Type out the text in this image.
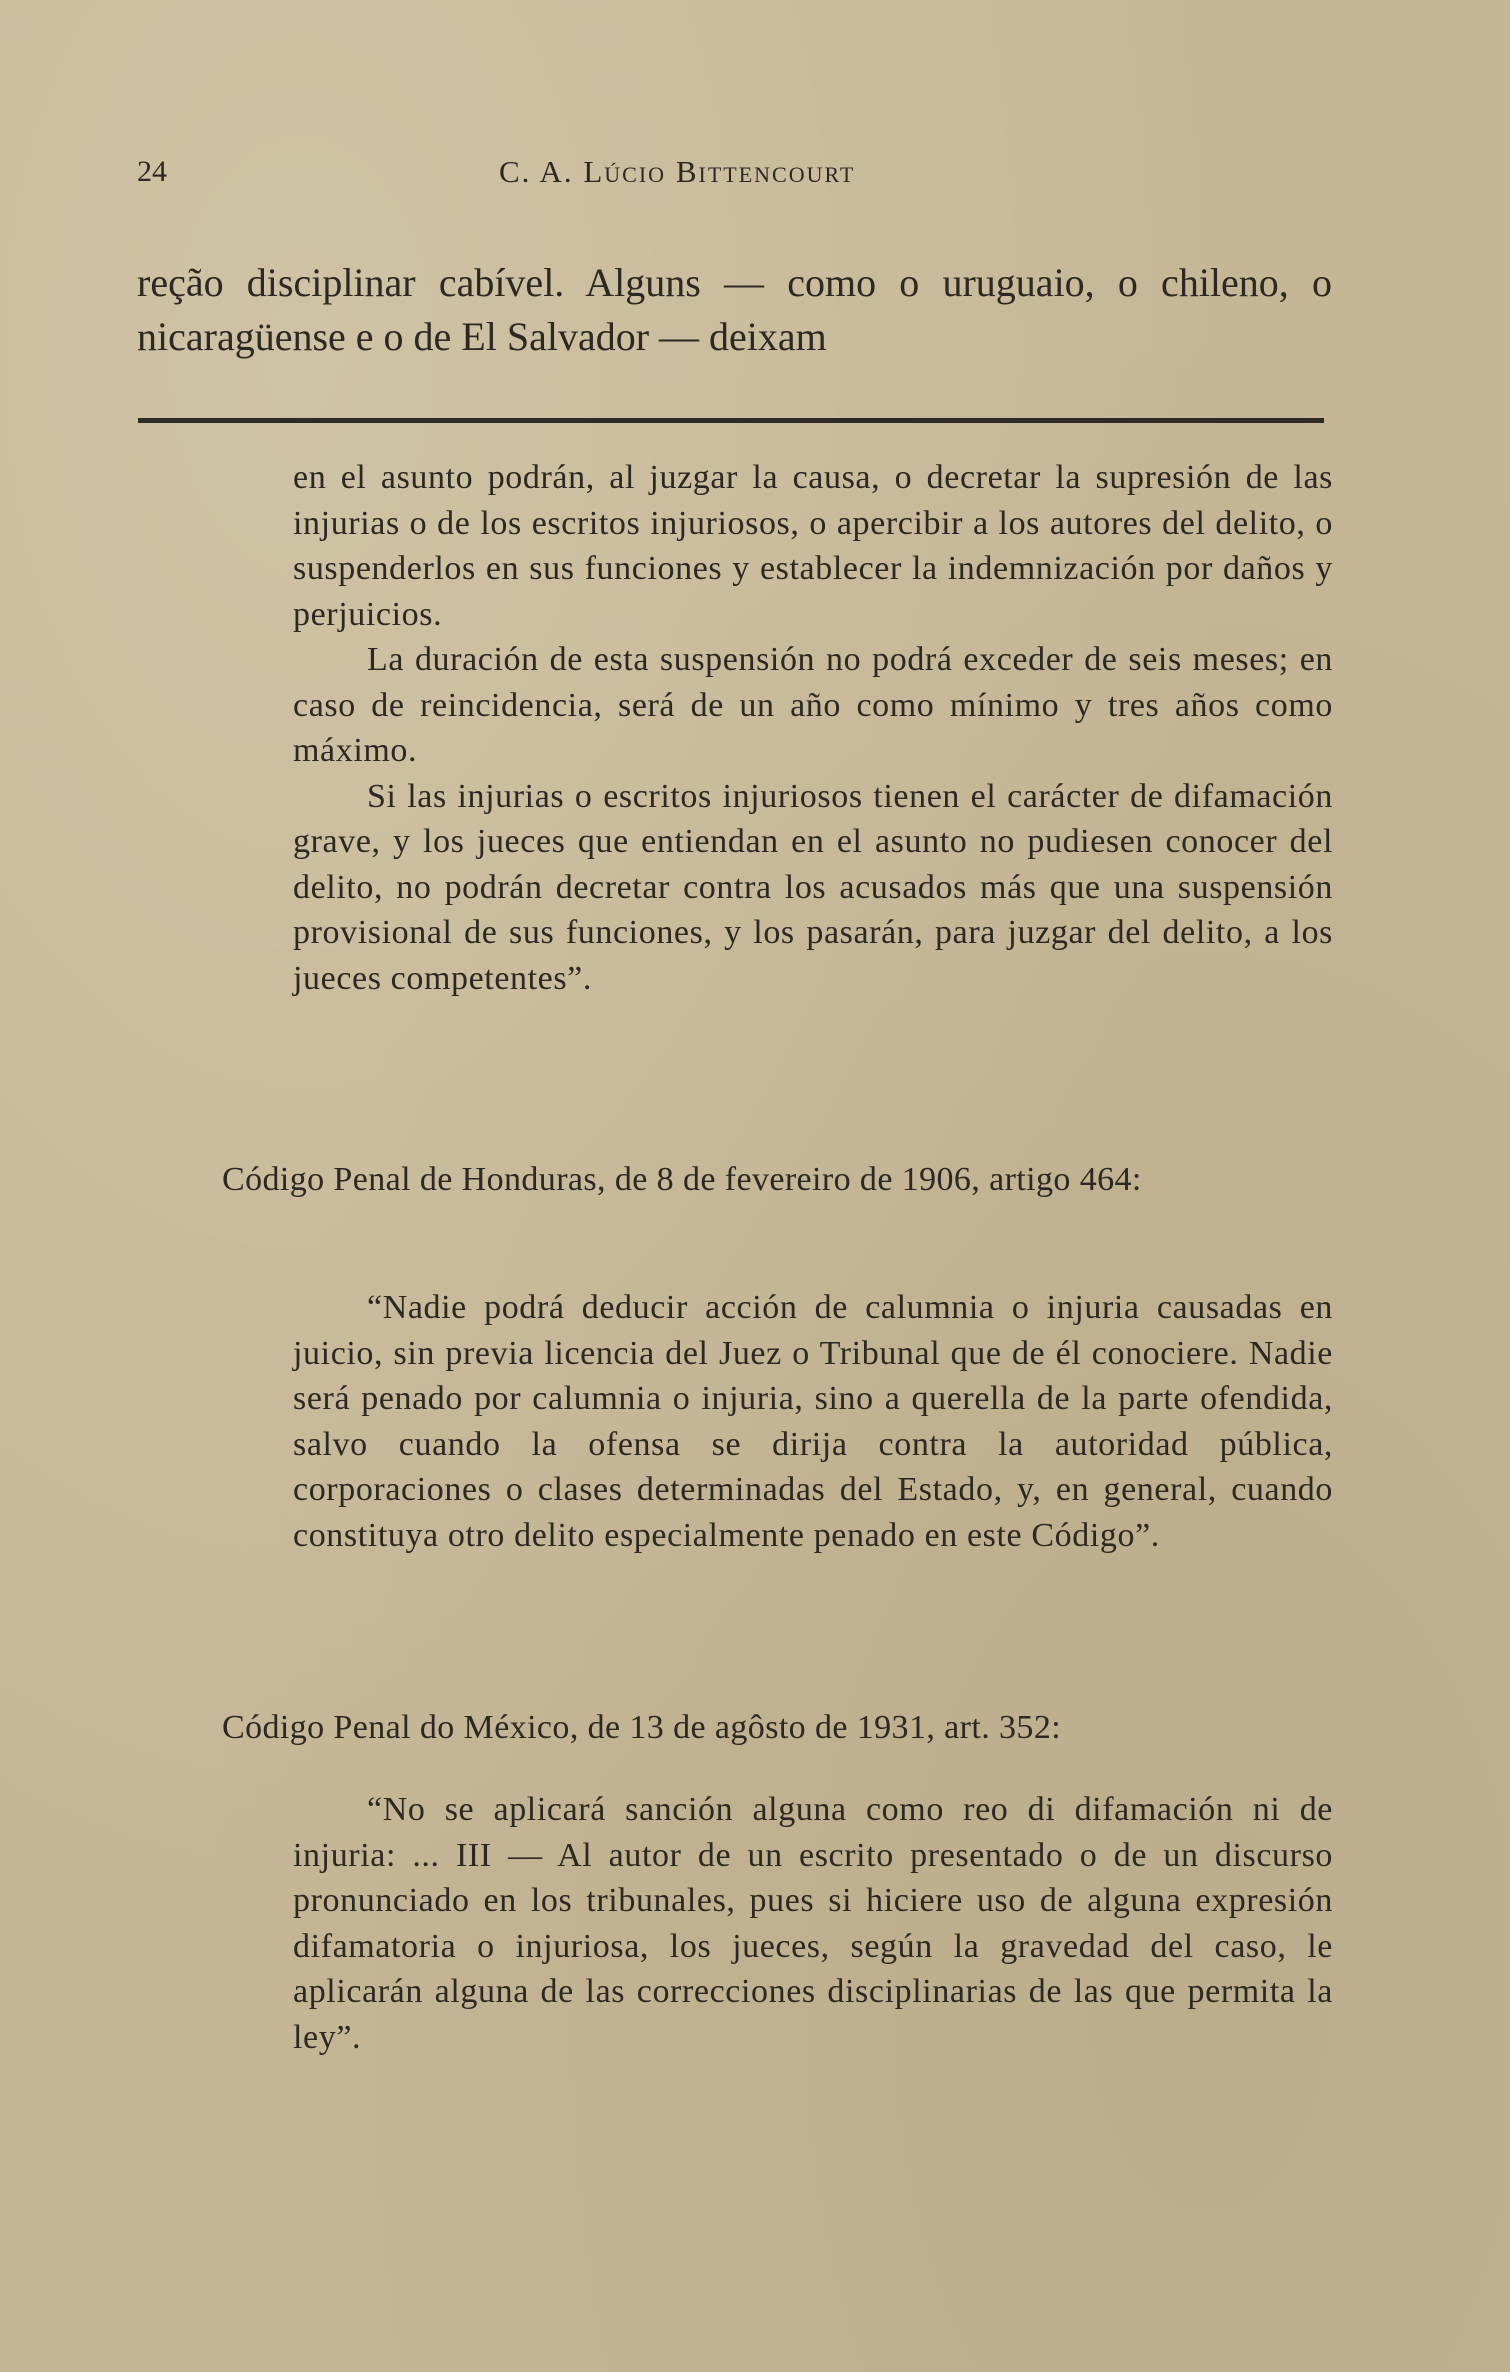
24	C. A. Lúcio Bittencourt

reção disciplinar cabível. Alguns — como o uruguaio, o chileno, o nicaragüense e o de El Salvador — deixam

en el asunto podrán, al juzgar la causa, o decretar la supresión de las injurias o de los escritos injuriosos, o apercibir a los autores del delito, o suspenderlos en sus funciones y establecer la indemnización por daños y perjuicios.

La duración de esta suspensión no podrá exceder de seis meses; en caso de reincidencia, será de un año como mínimo y tres años como máximo.

Si las injurias o escritos injuriosos tienen el carácter de difamación grave, y los jueces que entiendan en el asunto no pudiesen conocer del delito, no podrán decretar contra los acusados más que una suspensión provisional de sus funciones, y los pasarán, para juzgar del delito, a los jueces competentes”.

Código Penal de Honduras, de 8 de fevereiro de 1906, artigo 464:

“Nadie podrá deducir acción de calumnia o injuria causadas en juicio, sin previa licencia del Juez o Tribunal que de él conociere. Nadie será penado por calumnia o injuria, sino a querella de la parte ofendida, salvo cuando la ofensa se dirija contra la autoridad pública, corporaciones o clases determinadas del Estado, y, en general, cuando constituya otro delito especialmente penado en este Código”.

Código Penal do México, de 13 de agôsto de 1931, art. 352:

“No se aplicará sanción alguna como reo di difamación ni de injuria: ... III — Al autor de un escrito presentado o de un discurso pronunciado en los tribunales, pues si hiciere uso de alguna expresión difamatoria o injuriosa, los jueces, según la gravedad del caso, le aplicarán alguna de las correcciones disciplinarias de las que permita la ley”.
